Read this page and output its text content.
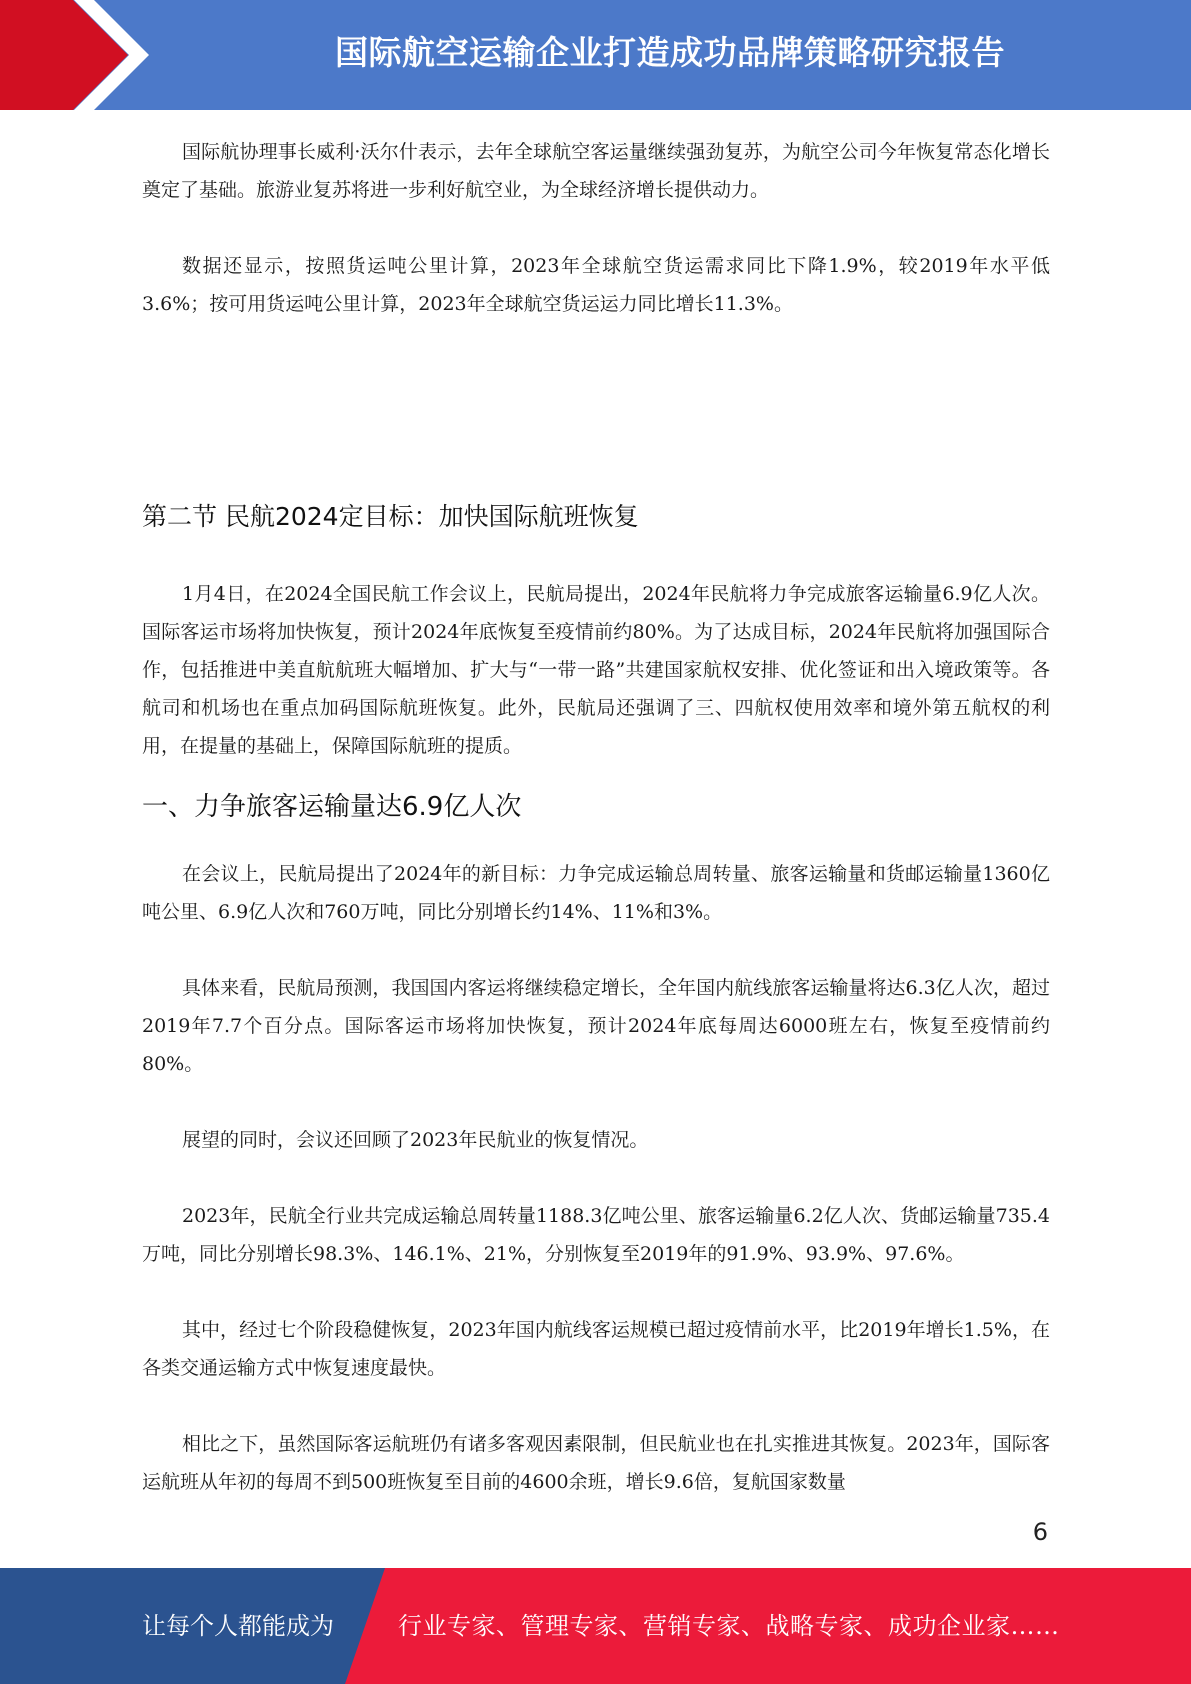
国际航空运输企业打造成功品牌策略研究报告

国际航协理事长威利·沃尔什表示，去年全球航空客运量继续强劲复苏，为航空公司今年恢复常态化增长奠定了基础。旅游业复苏将进一步利好航空业，为全球经济增长提供动力。

数据还显示，按照货运吨公里计算，2023年全球航空货运需求同比下降1.9%，较2019年水平低3.6%；按可用货运吨公里计算，2023年全球航空货运运力同比增长11.3%。

第二节 民航2024定目标：加快国际航班恢复

1月4日，在2024全国民航工作会议上，民航局提出，2024年民航将力争完成旅客运输量6.9亿人次。国际客运市场将加快恢复，预计2024年底恢复至疫情前约80%。为了达成目标，2024年民航将加强国际合作，包括推进中美直航航班大幅增加、扩大与“一带一路”共建国家航权安排、优化签证和出入境政策等。各航司和机场也在重点加码国际航班恢复。此外，民航局还强调了三、四航权使用效率和境外第五航权的利用，在提量的基础上，保障国际航班的提质。

一、力争旅客运输量达6.9亿人次

在会议上，民航局提出了2024年的新目标：力争完成运输总周转量、旅客运输量和货邮运输量1360亿吨公里、6.9亿人次和760万吨，同比分别增长约14%、11%和3%。

具体来看，民航局预测，我国国内客运将继续稳定增长，全年国内航线旅客运输量将达6.3亿人次，超过2019年7.7个百分点。国际客运市场将加快恢复，预计2024年底每周达6000班左右，恢复至疫情前约80%。

展望的同时，会议还回顾了2023年民航业的恢复情况。

2023年，民航全行业共完成运输总周转量1188.3亿吨公里、旅客运输量6.2亿人次、货邮运输量735.4万吨，同比分别增长98.3%、146.1%、21%，分别恢复至2019年的91.9%、93.9%、97.6%。

其中，经过七个阶段稳健恢复，2023年国内航线客运规模已超过疫情前水平，比2019年增长1.5%，在各类交通运输方式中恢复速度最快。

相比之下，虽然国际客运航班仍有诸多客观因素限制，但民航业也在扎实推进其恢复。2023年，国际客运航班从年初的每周不到500班恢复至目前的4600余班，增长9.6倍，复航国家数量

6
让每个人都能成为	行业专家、管理专家、营销专家、战略专家、成功企业家……
